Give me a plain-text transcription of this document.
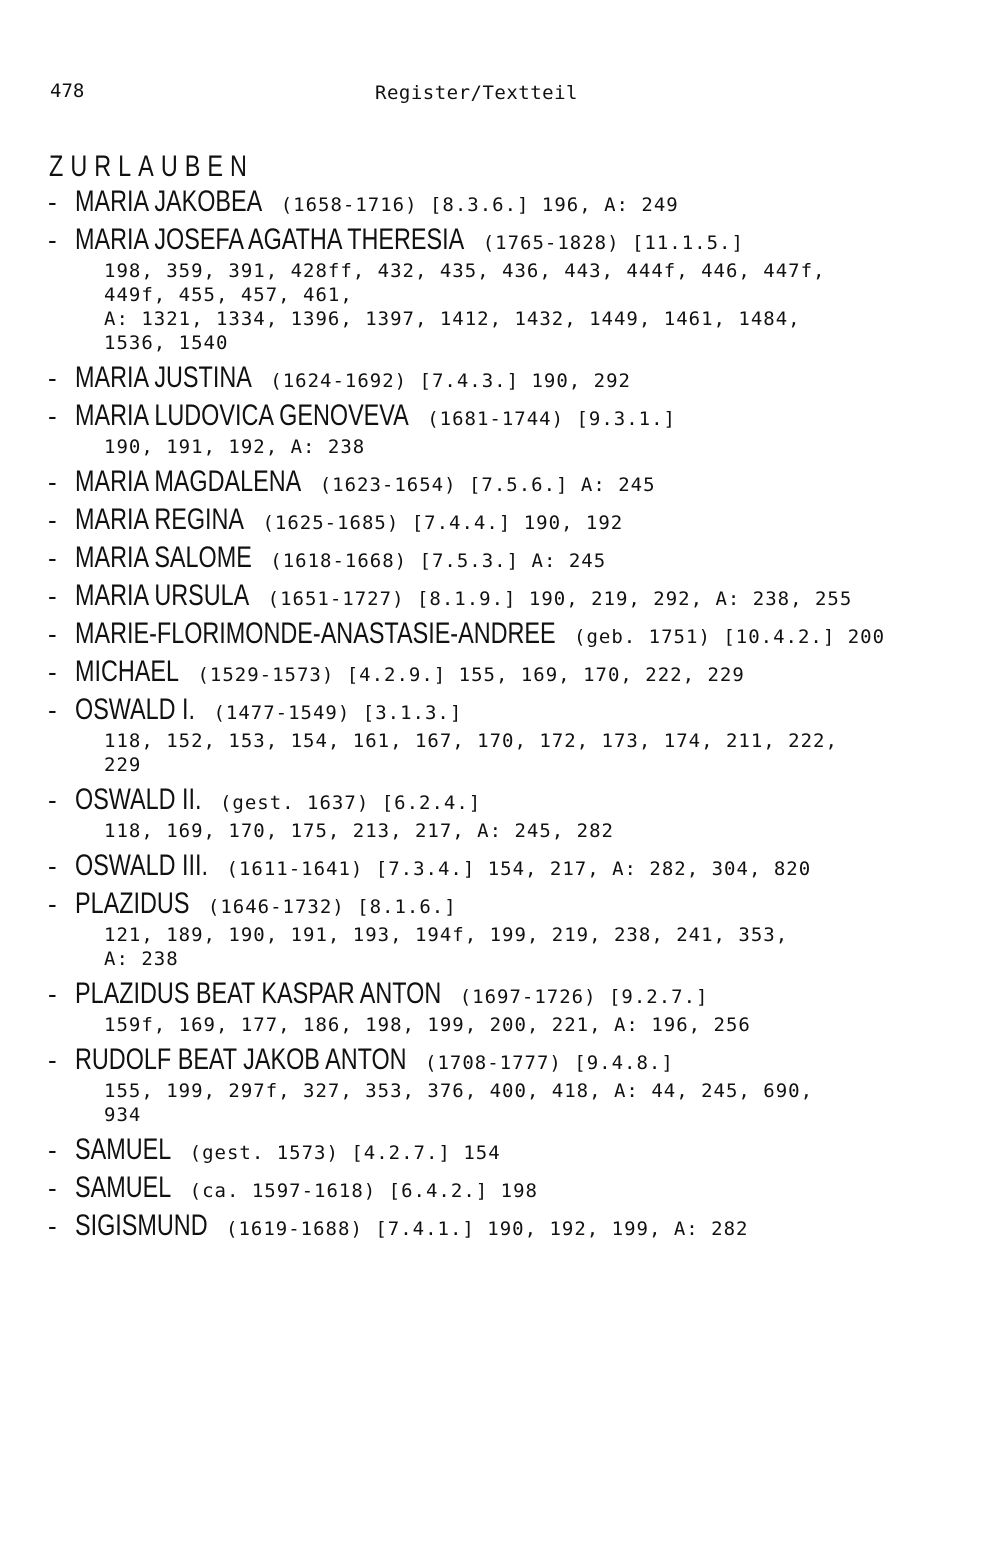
478	Register/Textteil
ZURLAUBEN
- MARIA JAKOBEA (1658-1716) [8.3.6.] 196, A: 249
- MARIA JOSEFA AGATHA THERESIA (1765-1828) [11.1.5.]
198, 359, 391, 428ff, 432, 435, 436, 443, 444f, 446, 447f,
449f, 455, 457, 461,
A: 1321, 1334, 1396, 1397, 1412, 1432, 1449, 1461, 1484,
1536, 1540
- MARIA JUSTINA (1624-1692) [7.4.3.] 190, 292
- MARIA LUDOVICA GENOVEVA (1681-1744) [9.3.1.]
190, 191, 192, A: 238
- MARIA MAGDALENA (1623-1654) [7.5.6.] A: 245
- MARIA REGINA (1625-1685) [7.4.4.] 190, 192
- MARIA SALOME (1618-1668) [7.5.3.] A: 245
- MARIA URSULA (1651-1727) [8.1.9.] 190, 219, 292, A: 238, 255
- MARIE-FLORIMONDE-ANASTASIE-ANDREE (geb. 1751) [10.4.2.] 200
- MICHAEL (1529-1573) [4.2.9.] 155, 169, 170, 222, 229
- OSWALD I. (1477-1549) [3.1.3.]
118, 152, 153, 154, 161, 167, 170, 172, 173, 174, 211, 222,
229
- OSWALD II. (gest. 1637) [6.2.4.]
118, 169, 170, 175, 213, 217, A: 245, 282
- OSWALD III. (1611-1641) [7.3.4.] 154, 217, A: 282, 304, 820
- PLAZIDUS (1646-1732) [8.1.6.]
121, 189, 190, 191, 193, 194f, 199, 219, 238, 241, 353,
A: 238
- PLAZIDUS BEAT KASPAR ANTON (1697-1726) [9.2.7.]
159f, 169, 177, 186, 198, 199, 200, 221, A: 196, 256
- RUDOLF BEAT JAKOB ANTON (1708-1777) [9.4.8.]
155, 199, 297f, 327, 353, 376, 400, 418, A: 44, 245, 690,
934
- SAMUEL (gest. 1573) [4.2.7.] 154
- SAMUEL (ca. 1597-1618) [6.4.2.] 198
- SIGISMUND (1619-1688) [7.4.1.] 190, 192, 199, A: 282
